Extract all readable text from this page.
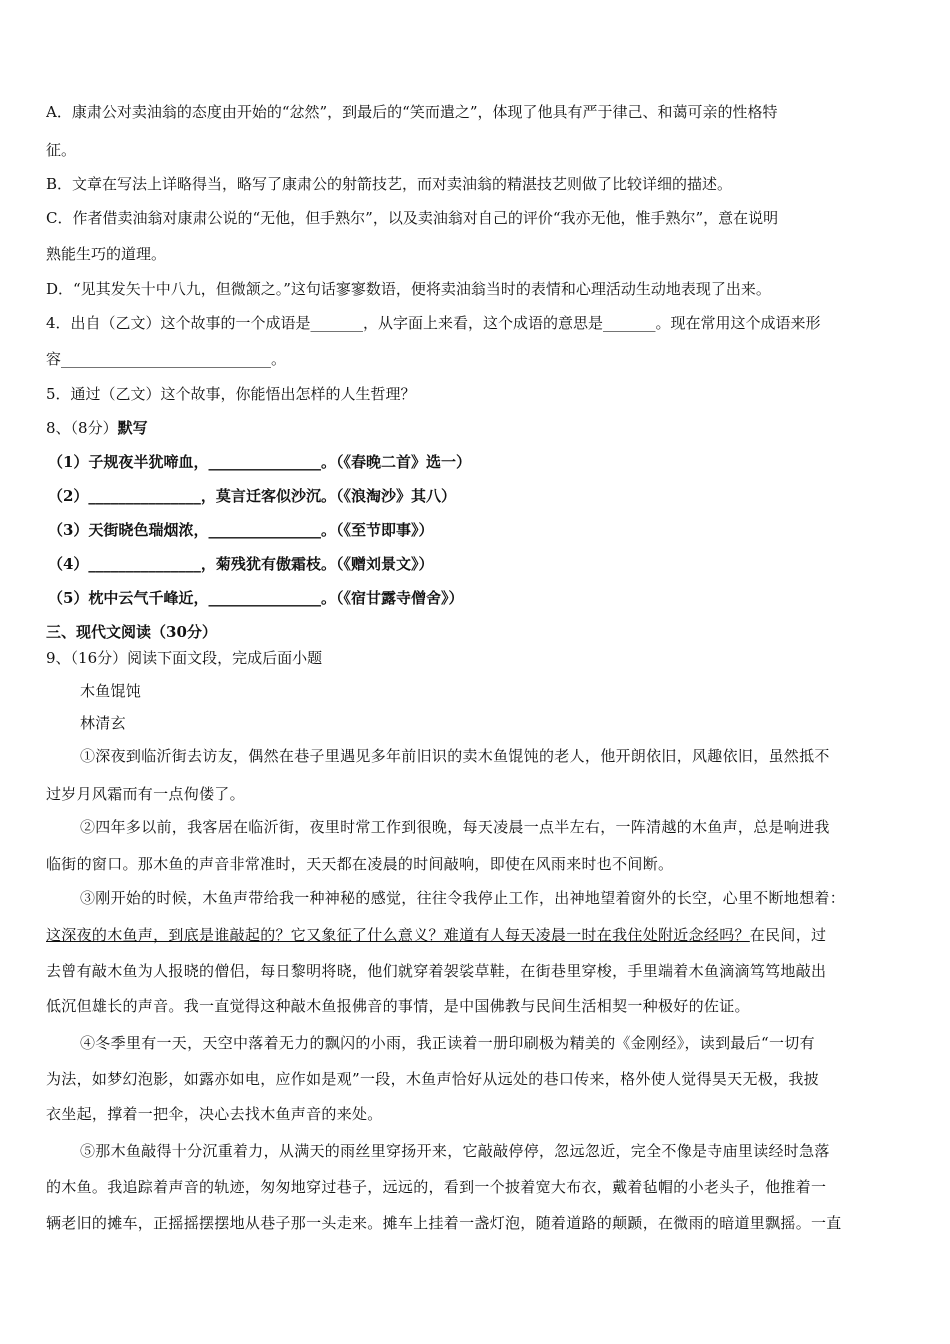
A．康肃公对卖油翁的态度由开始的“忿然”，到最后的“笑而遣之”，体现了他具有严于律己、和蔼可亲的性格特
征。
B．文章在写法上详略得当，略写了康肃公的射箭技艺，而对卖油翁的精湛技艺则做了比较详细的描述。
C．作者借卖油翁对康肃公说的“无他，但手熟尔”，以及卖油翁对自己的评价“我亦无他，惟手熟尔”，意在说明
熟能生巧的道理。
D．“见其发矢十中八九，但微颔之。”这句话寥寥数语，便将卖油翁当时的表情和心理活动生动地表现了出来。
4．出自（乙文）这个故事的一个成语是_______，从字面上来看，这个成语的意思是_______。现在常用这个成语来形
容____________________________。
5．通过（乙文）这个故事，你能悟出怎样的人生哲理？
8、（8分）默写
（1）子规夜半犹啼血，_______________。（《春晚二首》选一）
（2）_______________，莫言迁客似沙沉。（《浪淘沙》其八）
（3）天街晓色瑞烟浓，_______________。（《至节即事》）
（4）_______________，菊残犹有傲霜枝。（《赠刘景文》）
（5）枕中云气千峰近，_______________。（《宿甘露寺僧舍》）
三、现代文阅读（30分）
9、（16分）阅读下面文段，完成后面小题
木鱼馄饨
林清玄
①深夜到临沂街去访友，偶然在巷子里遇见多年前旧识的卖木鱼馄饨的老人，他开朗依旧，风趣依旧，虽然抵不
过岁月风霜而有一点佝偻了。
②四年多以前，我客居在临沂街，夜里时常工作到很晚，每天凌晨一点半左右，一阵清越的木鱼声，总是响进我
临街的窗口。那木鱼的声音非常准时，天天都在凌晨的时间敲响，即使在风雨来时也不间断。
③刚开始的时候，木鱼声带给我一种神秘的感觉，往往令我停止工作，出神地望着窗外的长空，心里不断地想着：
这深夜的木鱼声，到底是谁敲起的？它又象征了什么意义？难道有人每天凌晨一时在我住处附近念经吗？在民间，过
去曾有敲木鱼为人报晓的僧侣，每日黎明将晓，他们就穿着袈裟草鞋，在街巷里穿梭，手里端着木鱼滴滴笃笃地敲出
低沉但雄长的声音。我一直觉得这种敲木鱼报佛音的事情，是中国佛教与民间生活相契一种极好的佐证。
④冬季里有一天，天空中落着无力的飘闪的小雨，我正读着一册印刷极为精美的《金刚经》，读到最后“一切有
为法，如梦幻泡影，如露亦如电，应作如是观”一段，木鱼声恰好从远处的巷口传来，格外使人觉得昊天无极，我披
衣坐起，撑着一把伞，决心去找木鱼声音的来处。
⑤那木鱼敲得十分沉重着力，从满天的雨丝里穿扬开来，它敲敲停停，忽远忽近，完全不像是寺庙里读经时急落
的木鱼。我追踪着声音的轨迹，匆匆地穿过巷子，远远的，看到一个披着宽大布衣，戴着毡帽的小老头子，他推着一
辆老旧的摊车，正摇摇摆摆地从巷子那一头走来。摊车上挂着一盏灯泡，随着道路的颠踬，在微雨的暗道里飘摇。一直
